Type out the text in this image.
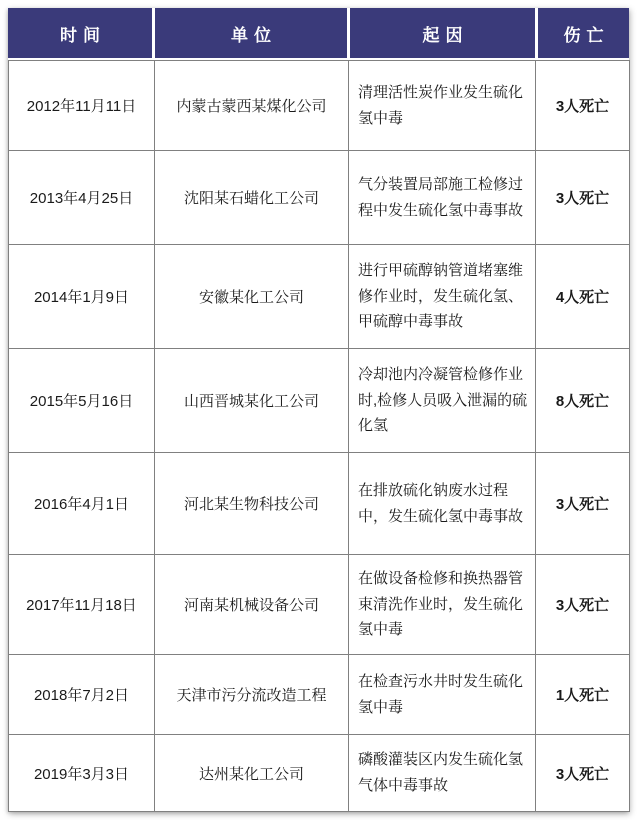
时间	单位	起因	伤亡
2012年11月11日	内蒙古蒙西某煤化公司	清理活性炭作业发生硫化氢中毒	3人死亡
2013年4月25日	沈阳某石蜡化工公司	气分装置局部施工检修过程中发生硫化氢中毒事故	3人死亡
2014年1月9日	安徽某化工公司	进行甲硫醇钠管道堵塞维修作业时，发生硫化氢、甲硫醇中毒事故	4人死亡
2015年5月16日	山西晋城某化工公司	冷却池内冷凝管检修作业时,检修人员吸入泄漏的硫化氢	8人死亡
2016年4月1日	河北某生物科技公司	在排放硫化钠废水过程中，发生硫化氢中毒事故	3人死亡
2017年11月18日	河南某机械设备公司	在做设备检修和换热器管束清洗作业时，发生硫化氢中毒	3人死亡
2018年7月2日	天津市污分流改造工程	在检查污水井时发生硫化氢中毒	1人死亡
2019年3月3日	达州某化工公司	磷酸灌装区内发生硫化氢气体中毒事故	3人死亡
